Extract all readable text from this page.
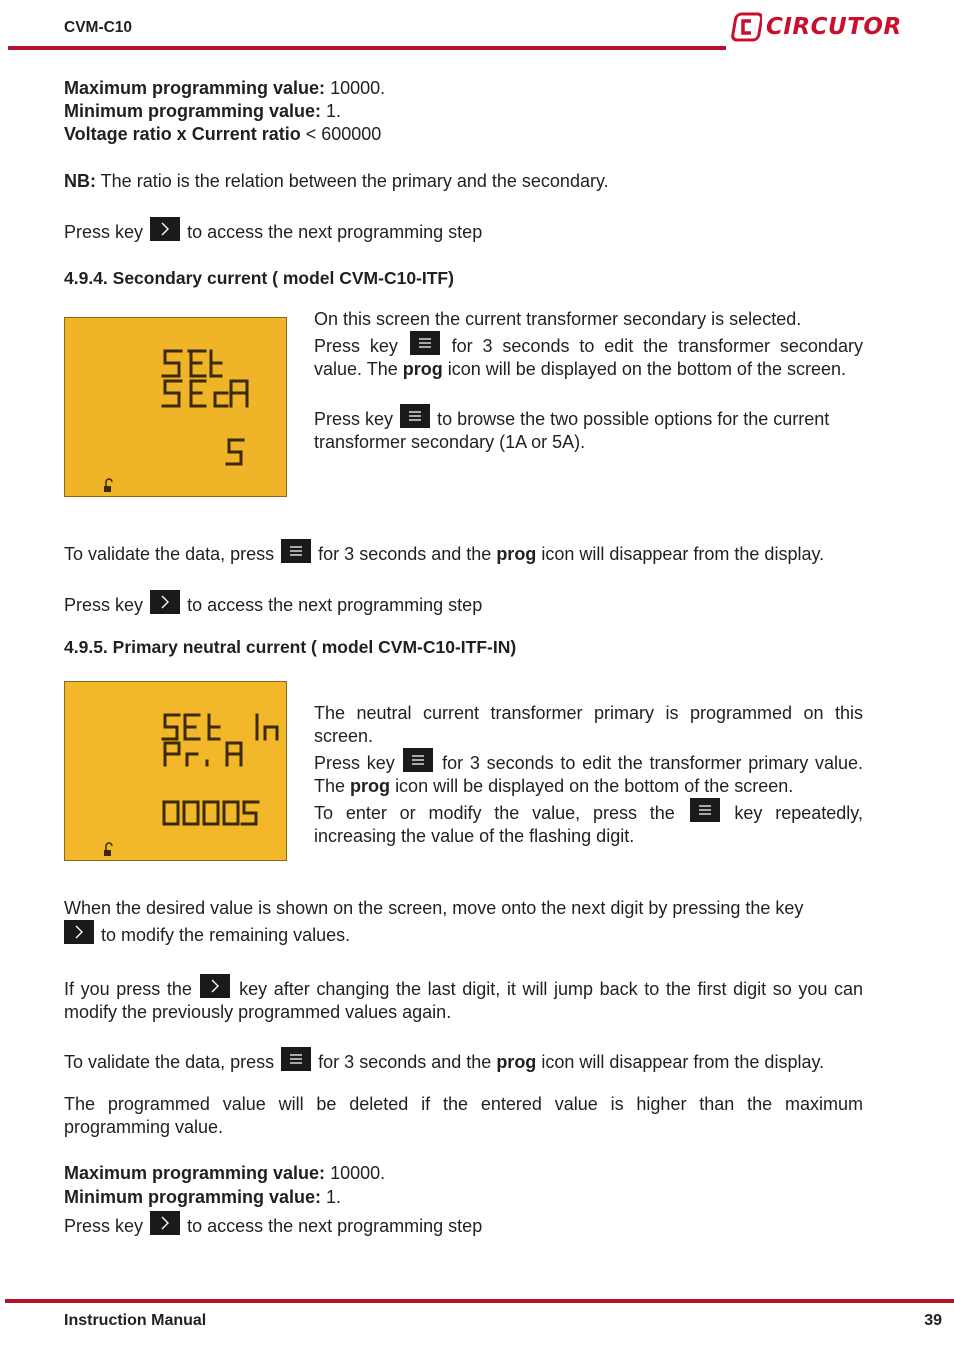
CVM-C10	CIRCUTOR
Maximum programming value: 10000.
Minimum programming value: 1.
Voltage ratio x Current ratio < 600000
NB: The ratio is the relation between the primary and the secondary.
Press key to access the next programming step
4.9.4. Secondary current ( model CVM-C10-ITF)
On this screen the current transformer secondary is selected.
Press key	for 3 seconds to edit the transformer secondary value. The prog icon will be displayed on the bottom of the screen.
Press key to browse the two possible options for the current transformer secondary (1A or 5A).
To validate the data, press for 3 seconds and the prog icon will disappear from the display.
Press key to access the next programming step
4.9.5. Primary neutral current ( model CVM-C10-ITF-IN)
The neutral current transformer primary is programmed on this screen.
Press key	for 3 seconds to edit the transformer primary value. The prog icon will be displayed on the bottom of the screen.
To enter or modify the value, press the	key repeatedly, increasing the value of the flashing digit.
When the desired value is shown on the screen, move onto the next digit by pressing the key

to modify the remaining values.
If you press the	key after changing the last digit, it will jump back to the first digit so you can modify the previously programmed values again.
To validate the data, press for 3 seconds and the prog icon will disappear from the display.
The programmed value will be deleted if the entered value is higher than the maximum programming value.
Maximum programming value: 10000.
Minimum programming value: 1.
Press key to access the next programming step
Instruction Manual	39
